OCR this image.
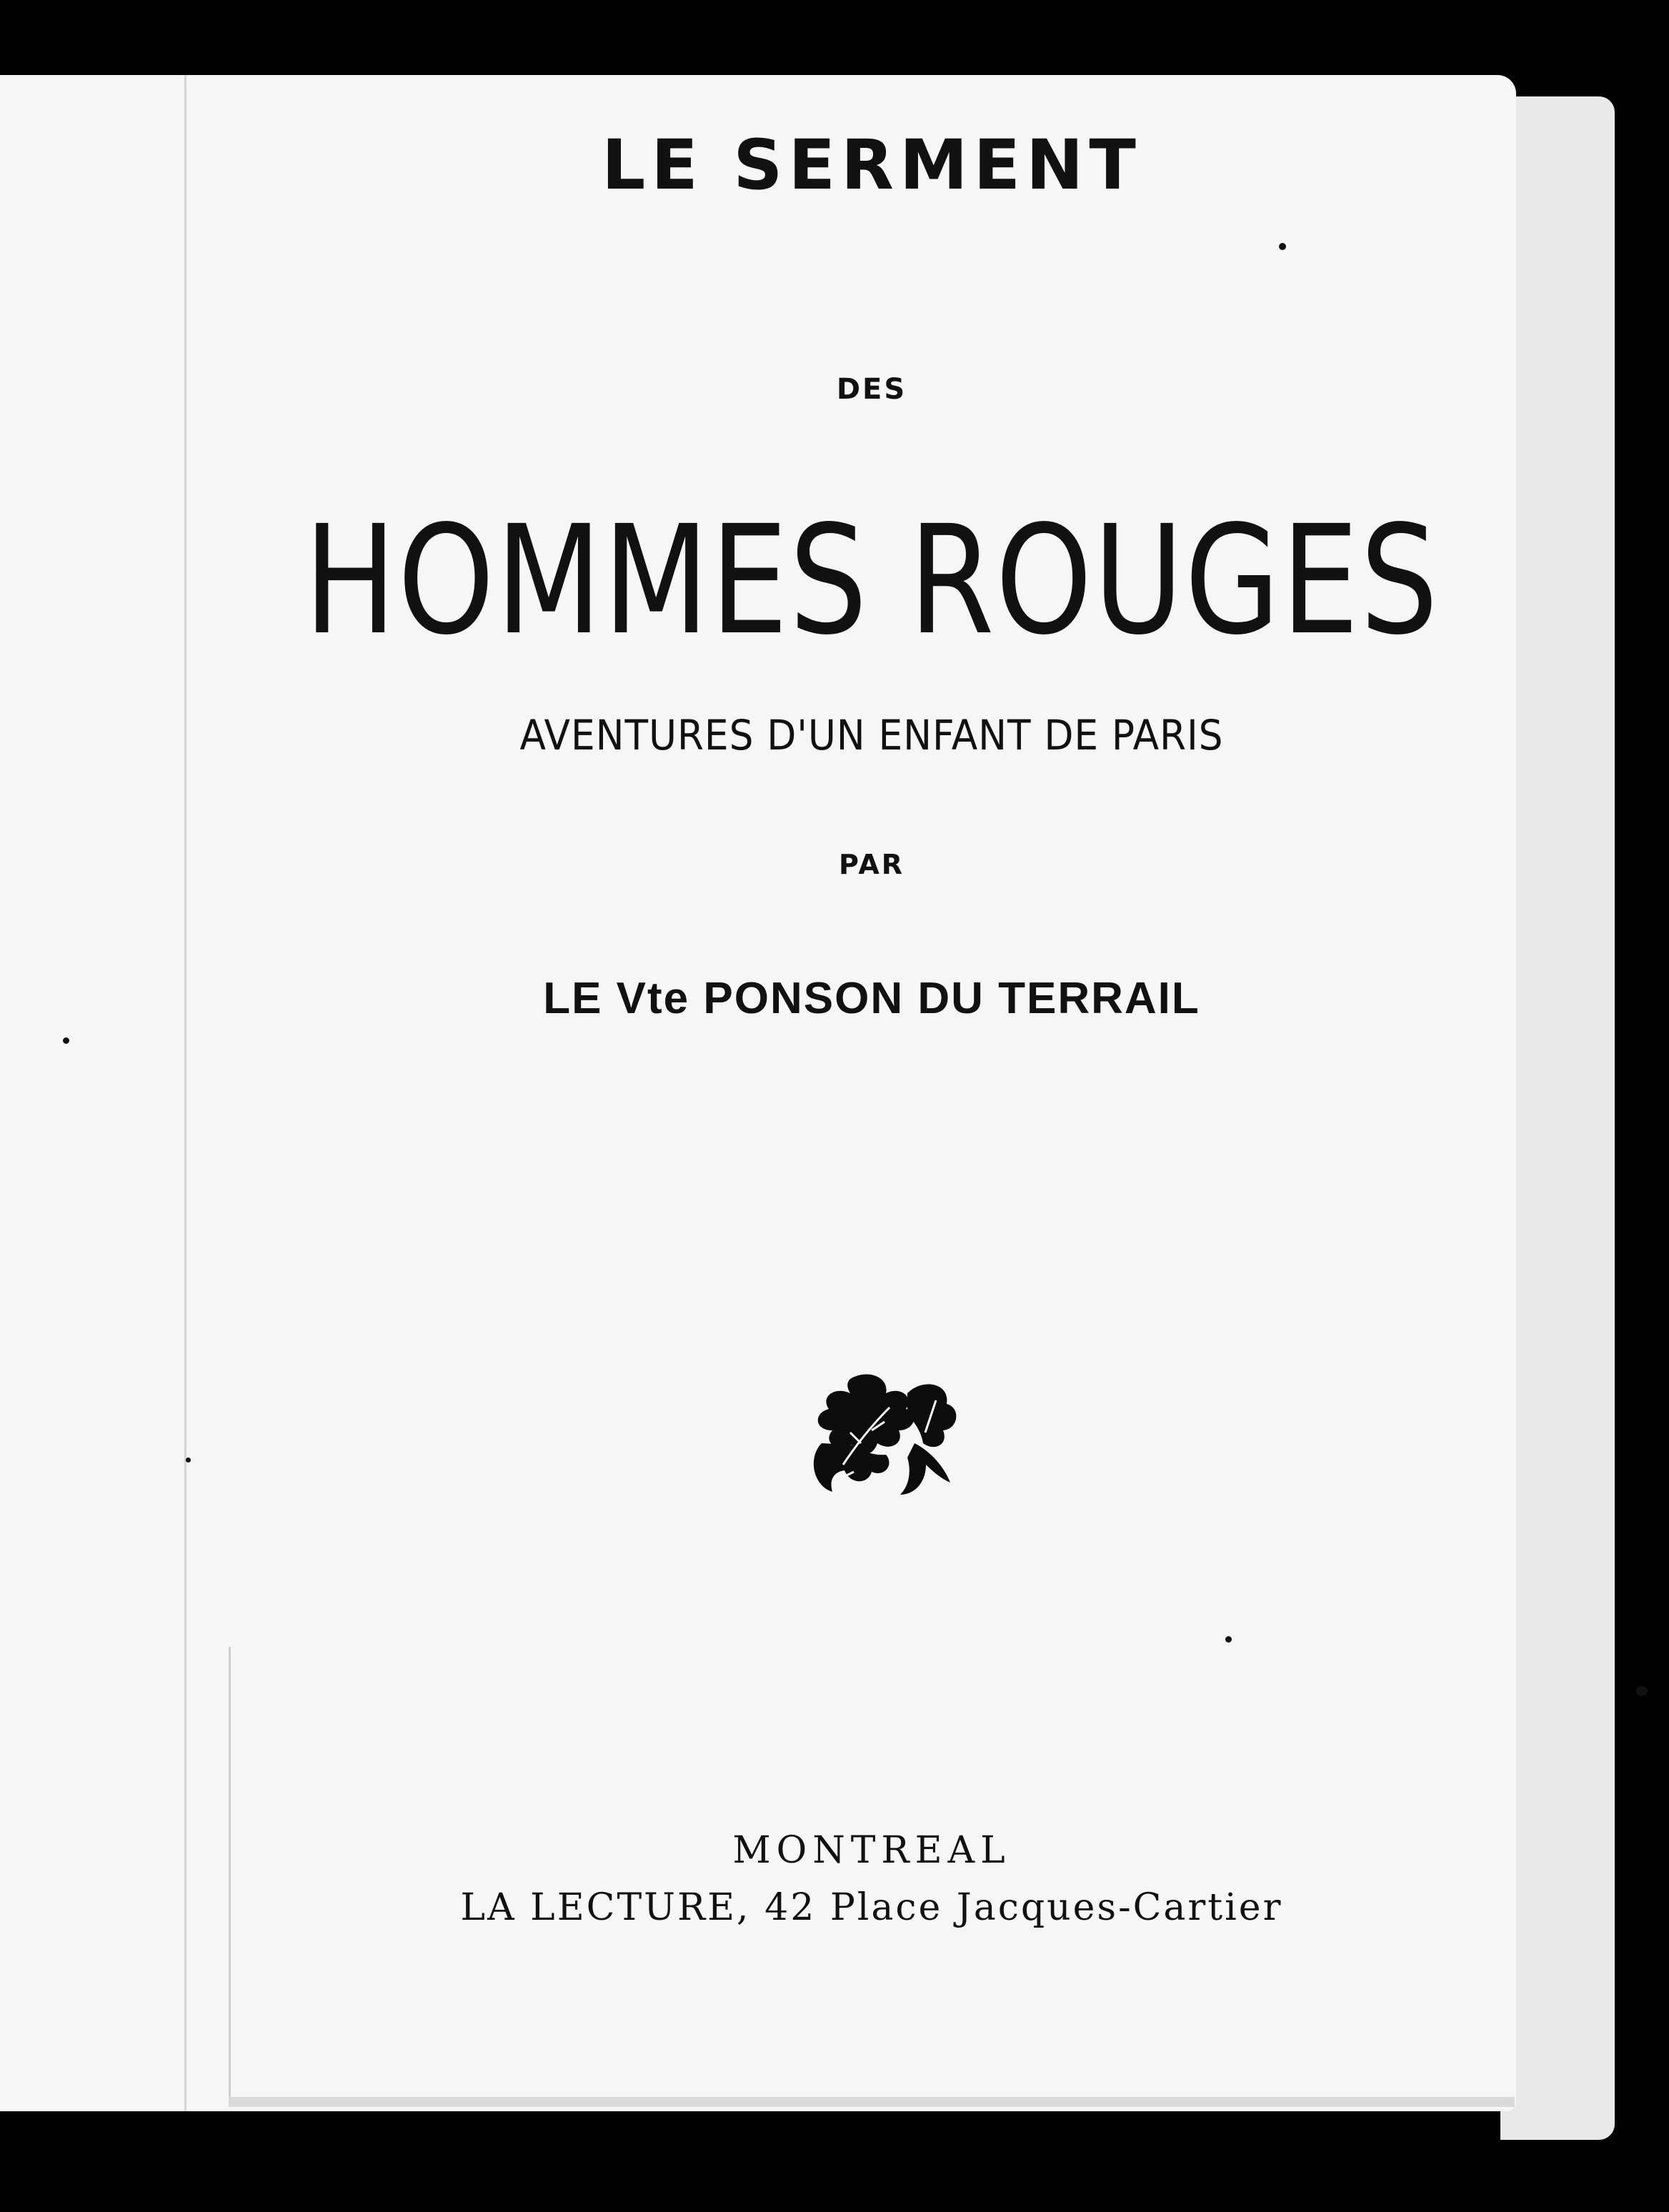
LE SERMENT
DES
HOMMES ROUGES
AVENTURES D'UN ENFANT DE PARIS
PAR
LE Vte PONSON DU TERRAIL
MONTREAL
LA LECTURE, 42 Place Jacques-Cartier
